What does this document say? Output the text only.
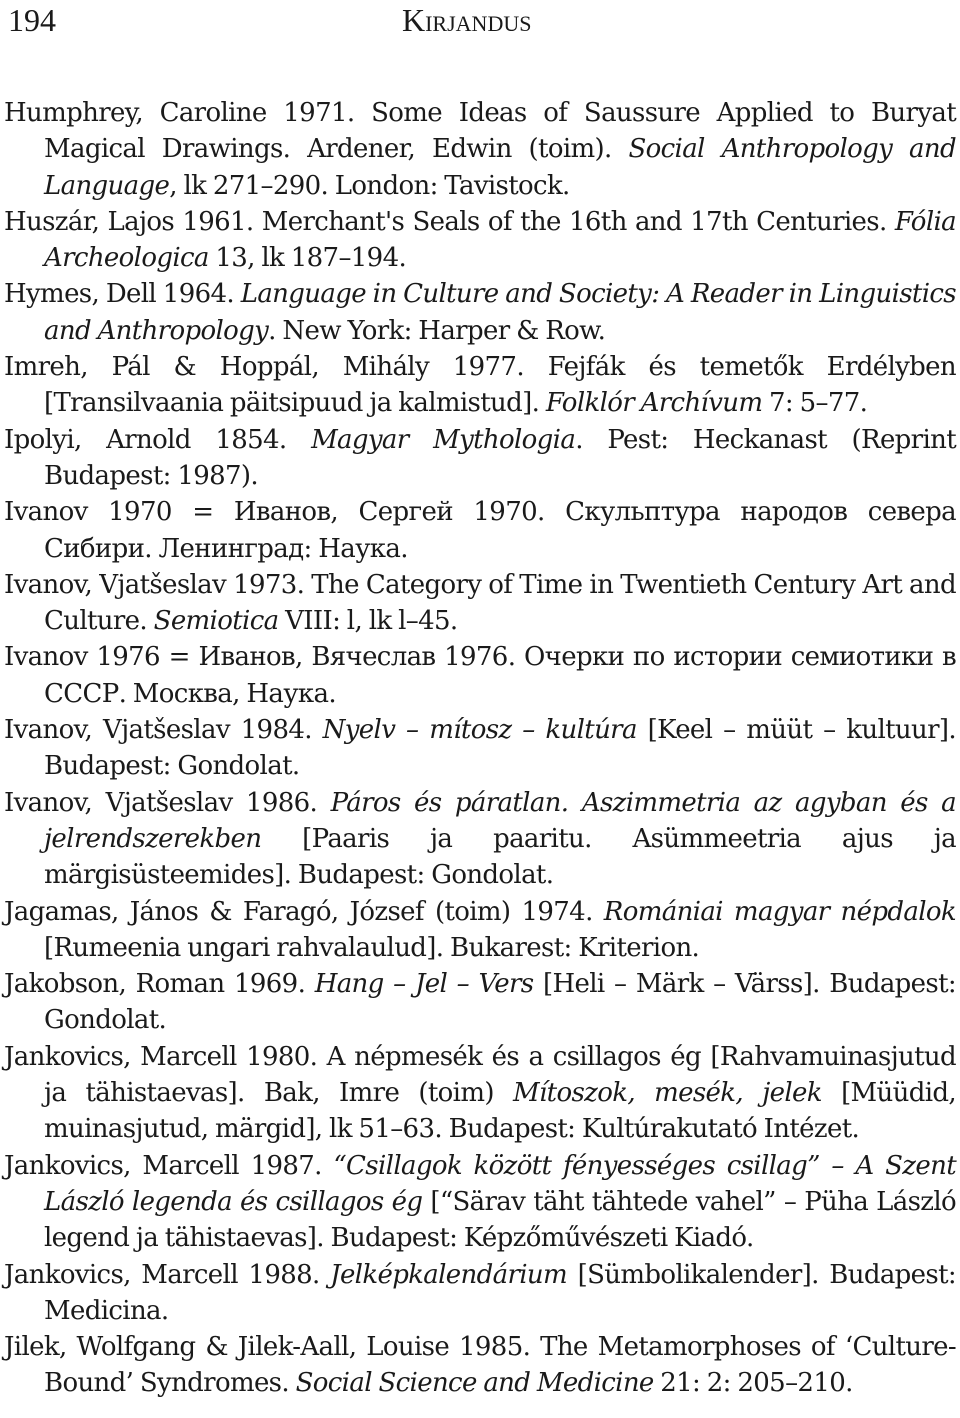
194	Kirjandus

Humphrey, Caroline 1971. Some Ideas of Saussure Applied to Buryat Magical Drawings. Ardener, Edwin (toim). Social Anthropology and Language, lk 271–290. London: Tavistock.

Huszár, Lajos 1961. Merchant's Seals of the 16th and 17th Centuries. Fólia Archeologica 13, lk 187–194.

Hymes, Dell 1964. Language in Culture and Society: A Reader in Linguistics and Anthropology. New York: Harper & Row.

Imreh, Pál & Hoppál, Mihály 1977. Fejfák és temetők Erdélyben [Transilvaania päitsipuud ja kalmistud]. Folklór Archívum 7: 5–77.

Ipolyi, Arnold 1854. Magyar Mythologia. Pest: Heckanast (Reprint Budapest: 1987).

Ivanov 1970 = Иванов, Сергей 1970. Скульптура народов севера Сибири. Ленинград: Наука.

Ivanov, Vjatšeslav 1973. The Category of Time in Twentieth Century Art and Culture. Semiotica VIII: l, lk l–45.

Ivanov 1976 = Иванов, Вячеслав 1976. Очерки по истории семиотики в СССР. Москва, Наука.

Ivanov, Vjatšeslav 1984. Nyelv – mítosz – kultúra [Keel – müüt – kultuur]. Budapest: Gondolat.

Ivanov, Vjatšeslav 1986. Páros és páratlan. Aszimmetria az agyban és a jelrendszerekben [Paaris ja paaritu. Asümmeetria ajus ja märgisüsteemides]. Budapest: Gondolat.

Jagamas, János & Faragó, József (toim) 1974. Romániai magyar népdalok [Rumeenia ungari rahvalaulud]. Bukarest: Kriterion.

Jakobson, Roman 1969. Hang – Jel – Vers [Heli – Märk – Värss]. Budapest: Gondolat.

Jankovics, Marcell 1980. A népmesék és a csillagos ég [Rahvamuinasjutud ja tähistaevas]. Bak, Imre (toim) Mítoszok, mesék, jelek [Müüdid, muinasjutud, märgid], lk 51–63. Budapest: Kultúrakutató Intézet.

Jankovics, Marcell 1987. “Csillagok között fényességes csillag” – A Szent László legenda és csillagos ég [“Särav täht tähtede vahel” – Püha László legend ja tähistaevas]. Budapest: Képzőművészeti Kiadó.

Jankovics, Marcell 1988. Jelképkalendárium [Sümbolikalender]. Budapest: Medicina.

Jilek, Wolfgang & Jilek-Aall, Louise 1985. The Metamorphoses of ‘Culture-Bound’ Syndromes. Social Science and Medicine 21: 2: 205–210.
